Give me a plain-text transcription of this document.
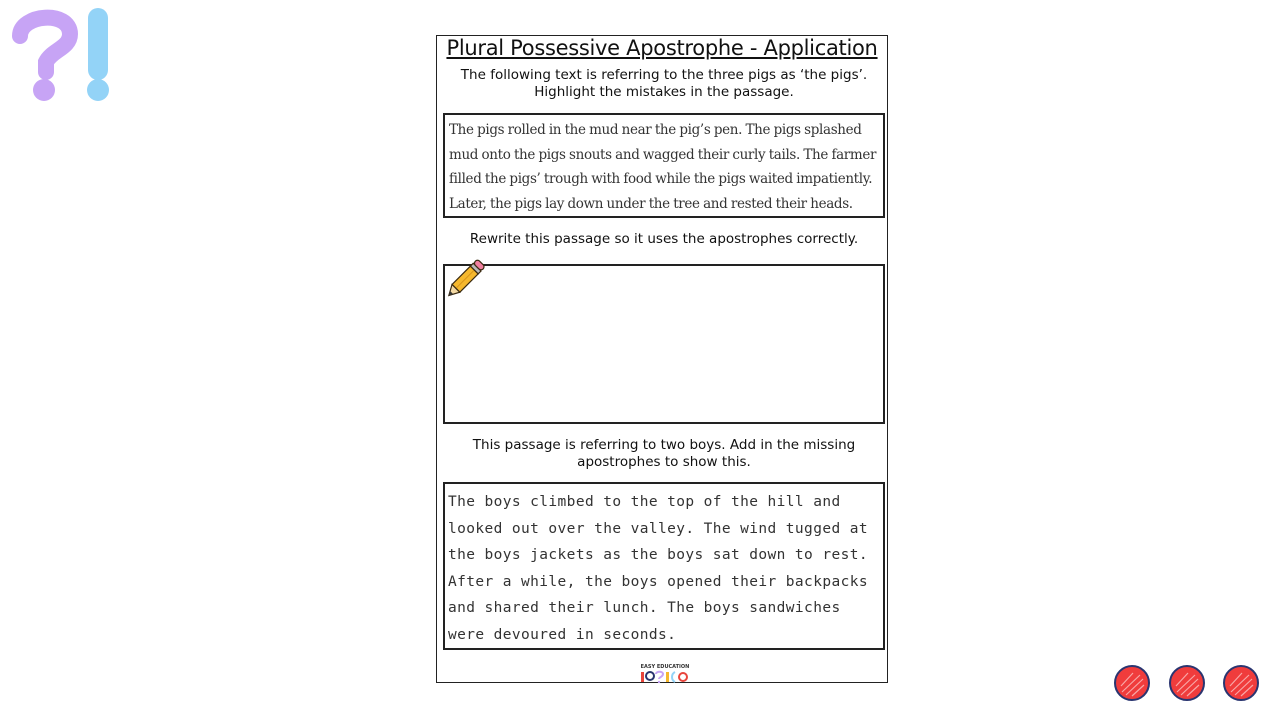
Plural Possessive Apostrophe - Application
The following text is referring to the three pigs as ‘the pigs’. Highlight the mistakes in the passage.
The pigs rolled in the mud near the pig’s pen. The pigs splashed mud onto the pigs snouts and wagged their curly tails. The farmer filled the pigs’ trough with food while the pigs waited impatiently. Later, the pigs lay down under the tree and rested their heads.
Rewrite this passage so it uses the apostrophes correctly.
This passage is referring to two boys. Add in the missing apostrophes to show this.
The boys climbed to the top of the hill and looked out over the valley. The wind tugged at the boys jackets as the boys sat down to rest. After a while, the boys opened their backpacks and shared their lunch. The boys sandwiches were devoured in seconds.
EASY EDUCATION
